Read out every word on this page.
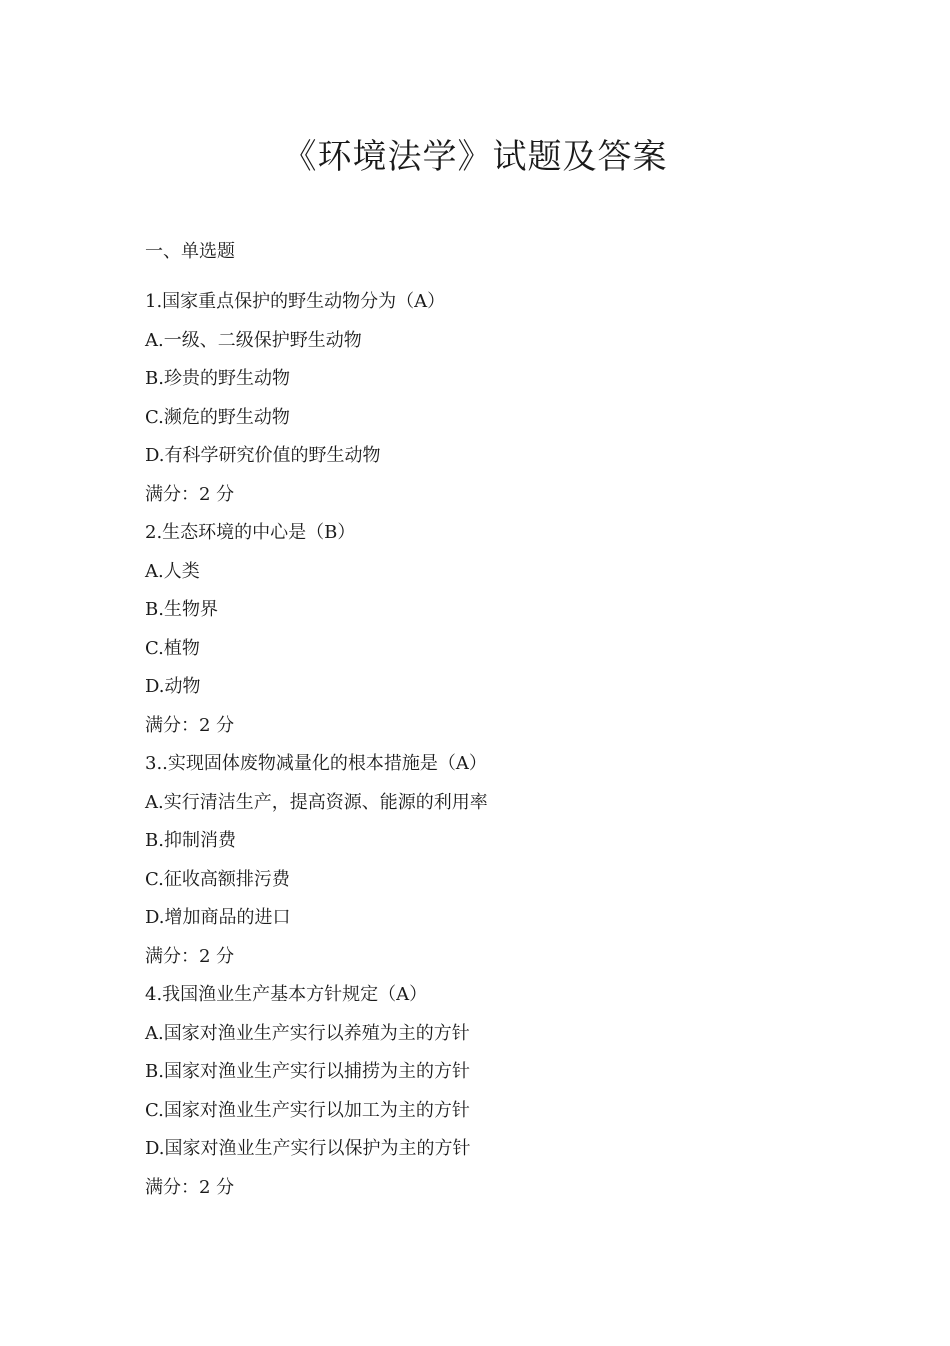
《环境法学》试题及答案
一、单选题
1.国家重点保护的野生动物分为（A）
A.一级、二级保护野生动物
B.珍贵的野生动物
C.濒危的野生动物
D.有科学研究价值的野生动物
满分：2 分
2.生态环境的中心是（B）
A.人类
B.生物界
C.植物
D.动物
满分：2 分
3..实现固体废物减量化的根本措施是（A）
A.实行清洁生产，提高资源、能源的利用率
B.抑制消费
C.征收高额排污费
D.增加商品的进口
满分：2 分
4.我国渔业生产基本方针规定（A）
A.国家对渔业生产实行以养殖为主的方针
B.国家对渔业生产实行以捕捞为主的方针
C.国家对渔业生产实行以加工为主的方针
D.国家对渔业生产实行以保护为主的方针
满分：2 分
